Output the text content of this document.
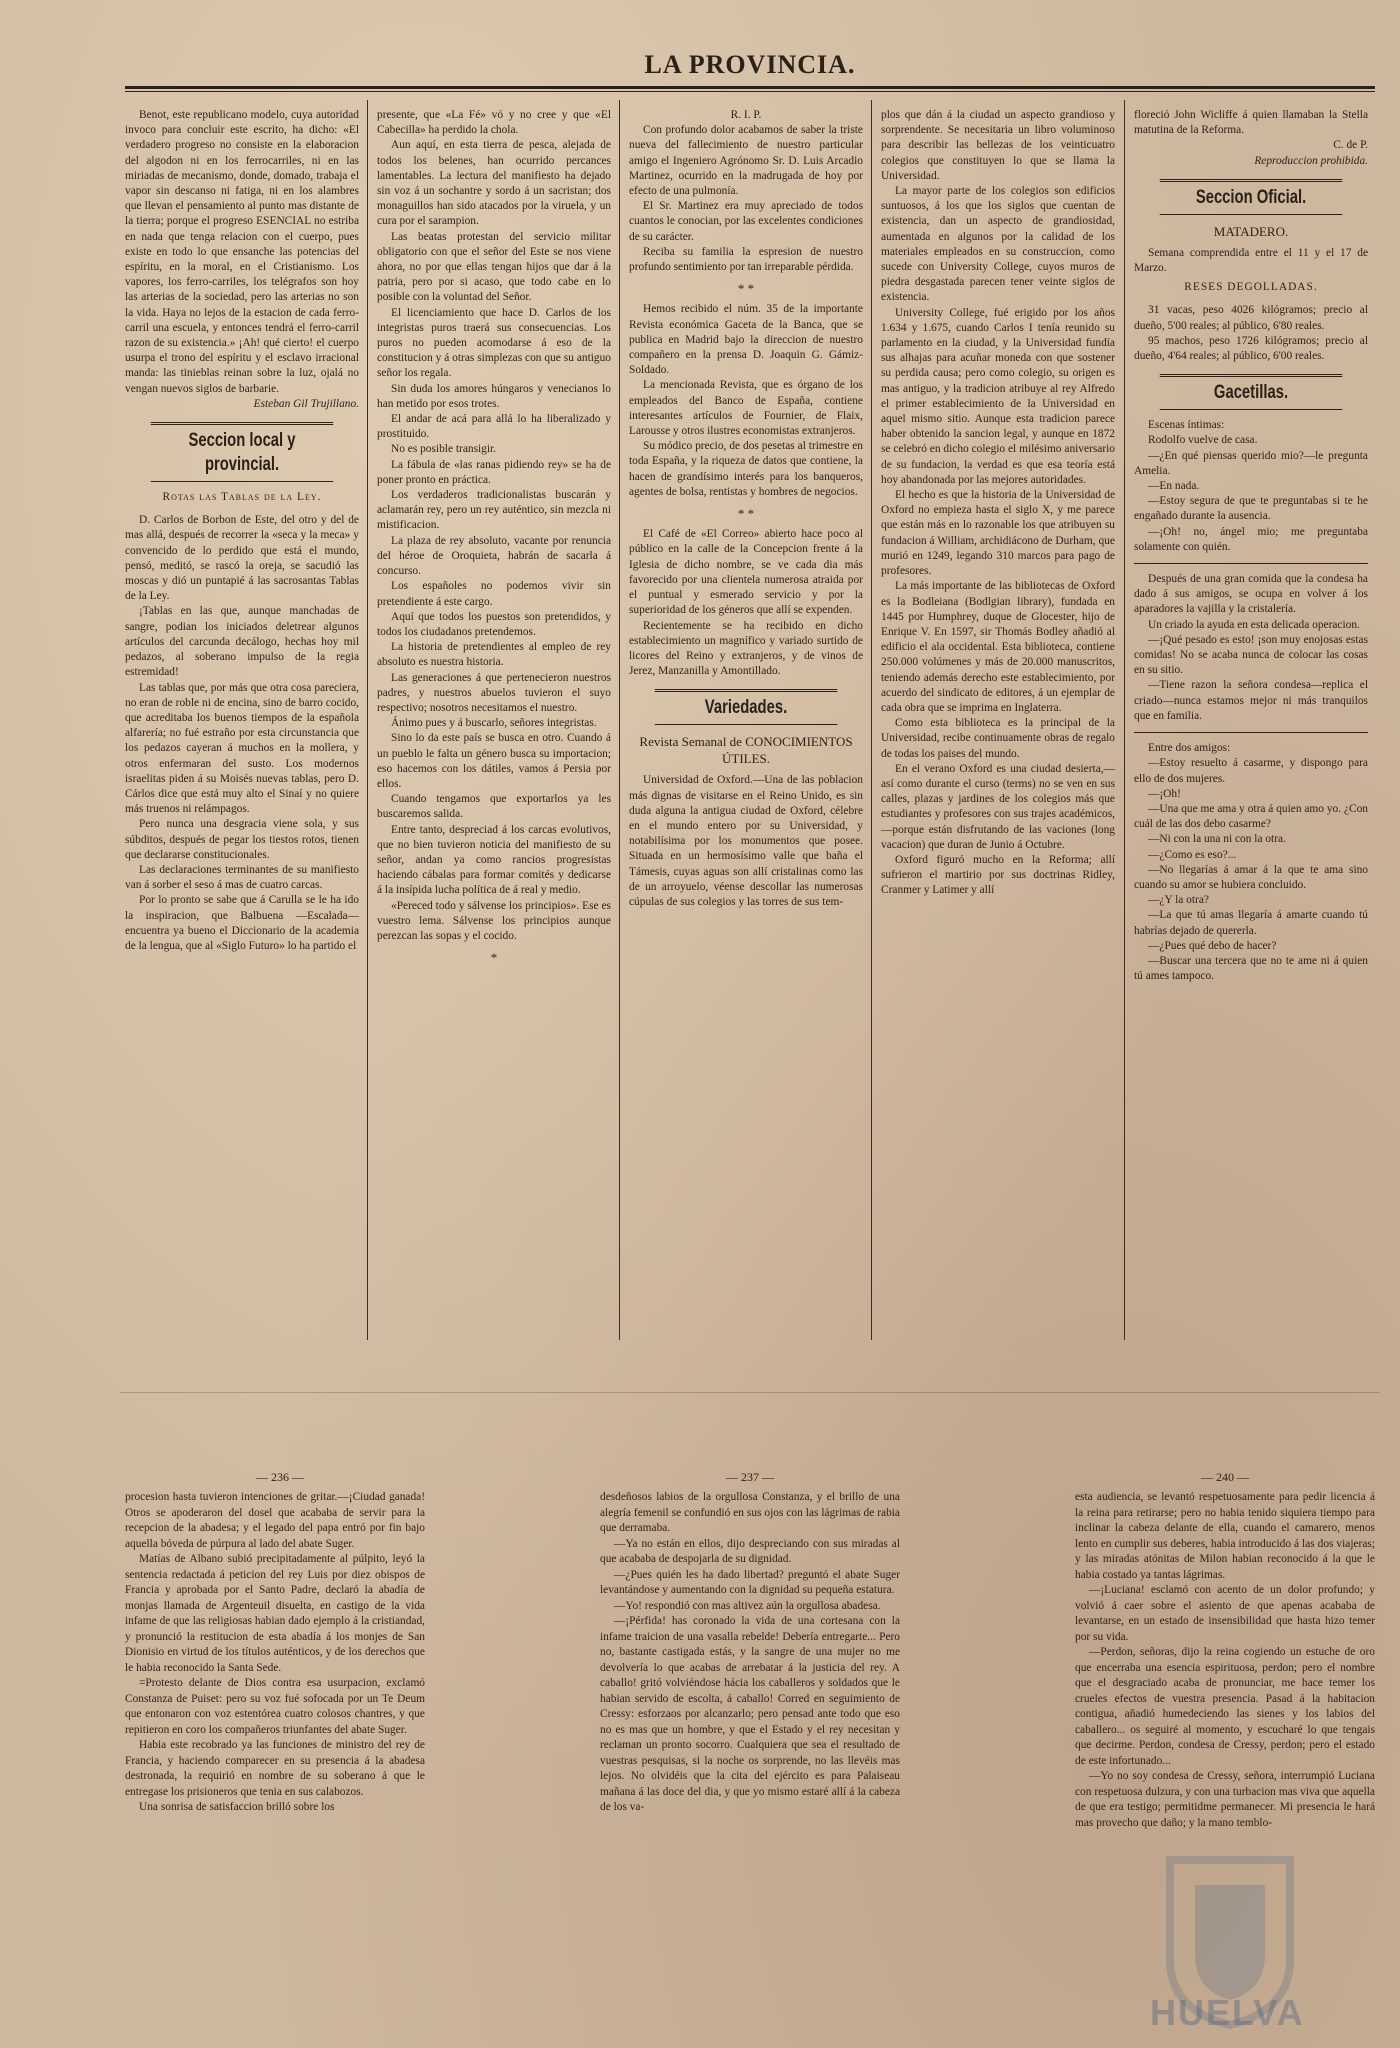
LA PROVINCIA.

Benot, este republicano modelo, cuya autoridad invoco para concluir este escrito, ha dicho: «El verdadero progreso no consiste en la elaboracion del algodon ni en los ferrocarriles, ni en las miriadas de mecanismo, donde, domado, trabaja el vapor sin descanso ni fatiga, ni en los alambres que llevan el pensamiento al punto mas distante de la tierra; porque el progreso ESENCIAL no estriba en nada que tenga relacion con el cuerpo, pues existe en todo lo que ensanche las potencias del espíritu, en la moral, en el Cristianismo. Los vapores, los ferro-carriles, los telégrafos son hoy las arterias de la sociedad, pero las arterias no son la vida. Haya no lejos de la estacion de cada ferro-carril una escuela, y entonces tendrá el ferro-carril razon de su existencia.» ¡Ah! qué cierto! el cuerpo usurpa el trono del espíritu y el esclavo irracional manda: las tinieblas reinan sobre la luz, ojalá no vengan nuevos siglos de barbarie.

Esteban Gil Trujillano.

Seccion local y provincial.

Rotas las Tablas de la Ley.

D. Carlos de Borbon de Este, del otro y del de mas allá, después de recorrer la «seca y la meca» y convencido de lo perdido que está el mundo, pensó, meditó, se rascó la oreja, se sacudió las moscas y dió un puntapié á las sacrosantas Tablas de la Ley.

¡Tablas en las que, aunque manchadas de sangre, podian los iniciados deletrear algunos artículos del carcunda decálogo, hechas hoy mil pedazos, al soberano impulso de la regia estremidad!

Las tablas que, por más que otra cosa pareciera, no eran de roble ni de encina, sino de barro cocido, que acreditaba los buenos tiempos de la española alfarería; no fué estraño por esta circunstancia que los pedazos cayeran á muchos en la mollera, y otros enfermaran del susto. Los modernos israelitas piden á su Moisés nuevas tablas, pero D. Cárlos dice que está muy alto el Sinaí y no quiere más truenos ni relámpagos.

Pero nunca una desgracia viene sola, y sus súbditos, después de pegar los tiestos rotos, tienen que declararse constitucionales.

Las declaraciones terminantes de su manifiesto van á sorber el seso á mas de cuatro carcas.

Por lo pronto se sabe que á Carulla se le ha ido la inspiracion, que Balbuena —Escalada—encuentra ya bueno el Diccionario de la academia de la lengua, que al «Siglo Futuro» lo ha partido el

presente, que «La Fé» vó y no cree y que «El Cabecilla» ha perdido la chola.

Aun aquí, en esta tierra de pesca, alejada de todos los belenes, han ocurrido percances lamentables. La lectura del manifiesto ha dejado sin voz á un sochantre y sordo á un sacristan; dos monaguillos han sido atacados por la viruela, y un cura por el sarampion.

Las beatas protestan del servicio militar obligatorio con que el señor del Este se nos viene ahora, no por que ellas tengan hijos que dar á la patria, pero por si acaso, que todo cabe en lo posible con la voluntad del Señor.

El licenciamiento que hace D. Carlos de los integristas puros traerá sus consecuencias. Los puros no pueden acomodarse á eso de la constitucion y á otras simplezas con que su antiguo señor los regala.

Sin duda los amores húngaros y venecianos lo han metido por esos trotes.

El andar de acá para allá lo ha liberalizado y prostituido.

No es posible transigir.

La fábula de «las ranas pidiendo rey» se ha de poner pronto en práctica.

Los verdaderos tradicionalistas buscarán y aclamarán rey, pero un rey auténtico, sin mezcla ni mistificacion.

La plaza de rey absoluto, vacante por renuncia del héroe de Oroquieta, habrán de sacarla á concurso.

Los españoles no podemos vivir sin pretendiente á este cargo.

Aquí que todos los puestos son pretendidos, y todos los ciudadanos pretendemos.

La historia de pretendientes al empleo de rey absoluto es nuestra historia.

Las generaciones á que pertenecieron nuestros padres, y nuestros abuelos tuvieron el suyo respectivo; nosotros necesitamos el nuestro.

Ánimo pues y á buscarlo, señores integristas.

Sino lo da este país se busca en otro. Cuando á un pueblo le falta un género busca su importacion; eso hacemos con los dátiles, vamos á Persia por ellos.

Cuando tengamos que exportarlos ya les buscaremos salida.

Entre tanto, despreciad á los carcas evolutivos, que no bien tuvieron noticia del manifiesto de su señor, andan ya como rancios progresistas haciendo cábalas para formar comités y dedicarse á la insípida lucha política de á real y medio.

«Pereced todo y sálvense los principios». Ese es vuestro lema. Sálvense los principios aunque perezcan las sopas y el cocido.

*

R. I. P.

Con profundo dolor acabamos de saber la triste nueva del fallecimiento de nuestro particular amigo el Ingeniero Agrónomo Sr. D. Luis Arcadio Martinez, ocurrido en la madrugada de hoy por efecto de una pulmonía.

El Sr. Martinez era muy apreciado de todos cuantos le conocian, por las excelentes condiciones de su carácter.

Reciba su familia la espresion de nuestro profundo sentimiento por tan irreparable pérdida.

* *

Hemos recibido el núm. 35 de la importante Revista económica Gaceta de la Banca, que se publica en Madrid bajo la direccion de nuestro compañero en la prensa D. Joaquin G. Gámiz-Soldado.

La mencionada Revista, que es órgano de los empleados del Banco de España, contiene interesantes artículos de Fournier, de Flaix, Larousse y otros ilustres economistas extranjeros.

Su módico precio, de dos pesetas al trimestre en toda España, y la riqueza de datos que contiene, la hacen de grandísimo interés para los banqueros, agentes de bolsa, rentistas y hombres de negocios.

* *

El Café de «El Correo» abierto hace poco al público en la calle de la Concepcion frente á la Iglesia de dicho nombre, se ve cada dia más favorecido por una clientela numerosa atraida por el puntual y esmerado servicio y por la superioridad de los géneros que allí se expenden.

Recientemente se ha recibido en dicho establecimiento un magnífico y variado surtido de licores del Reino y extranjeros, y de vinos de Jerez, Manzanilla y Amontillado.

Variedades.

Revista Semanal de CONOCIMIENTOS ÚTILES.

Universidad de Oxford.—Una de las poblacion más dignas de visitarse en el Reino Unido, es sin duda alguna la antigua ciudad de Oxford, célebre en el mundo entero por su Universidad, y notabilísima por los monumentos que posee. Situada en un hermosísimo valle que baña el Támesis, cuyas aguas son allí cristalinas como las de un arroyuelo, véense descollar las numerosas cúpulas de sus colegios y las torres de sus tem-

plos que dán á la ciudad un aspecto grandioso y sorprendente. Se necesitaria un libro voluminoso para describir las bellezas de los veinticuatro colegios que constituyen lo que se llama la Universidad.

La mayor parte de los colegios son edificios suntuosos, á los que los siglos que cuentan de existencia, dan un aspecto de grandiosidad, aumentada en algunos por la calidad de los materiales empleados en su construccion, como sucede con University College, cuyos muros de piedra desgastada parecen tener veinte siglos de existencia.

University College, fué erigido por los años 1.634 y 1.675, cuando Carlos I tenía reunido su parlamento en la ciudad, y la Universidad fundía sus alhajas para acuñar moneda con que sostener su perdida causa; pero como colegio, su origen es mas antiguo, y la tradicion atribuye al rey Alfredo el primer establecimiento de la Universidad en aquel mismo sitio. Aunque esta tradicion parece haber obtenido la sancion legal, y aunque en 1872 se celebró en dicho colegio el milésimo aniversario de su fundacion, la verdad es que esa teoría está hoy abandonada por las mejores autoridades.

El hecho es que la historia de la Universidad de Oxford no empieza hasta el siglo X, y me parece que están más en lo razonable los que atribuyen su fundacion á William, archidiácono de Durham, que murió en 1249, legando 310 marcos para pago de profesores.

La más importante de las bibliotecas de Oxford es la Bodleiana (Bodlgian library), fundada en 1445 por Humphrey, duque de Glocester, hijo de Enrique V. En 1597, sir Thomás Bodley añadió al edificio el ala occidental. Esta biblioteca, contiene 250.000 volúmenes y más de 20.000 manuscritos, teniendo además derecho este establecimiento, por acuerdo del sindicato de editores, á un ejemplar de cada obra que se imprima en Inglaterra.

Como esta biblioteca es la principal de la Universidad, recibe continuamente obras de regalo de todas los paises del mundo.

En el verano Oxford es una ciudad desierta,—así como durante el curso (terms) no se ven en sus calles, plazas y jardines de los colegios más que estudiantes y profesores con sus trajes académicos,—porque están disfrutando de las vaciones (long vacacion) que duran de Junio á Octubre.

Oxford figuró mucho en la Reforma; allí sufrieron el martirio por sus doctrinas Ridley, Cranmer y Latimer y allí

floreció John Wicliffe á quien llamaban la Stella matutina de la Reforma.

C. de P.

Reproduccion prohibida.

Seccion Oficial.

MATADERO.

Semana comprendida entre el 11 y el 17 de Marzo.

RESES DEGOLLADAS.

31 vacas, peso 4026 kilógramos; precio al dueño, 5'00 reales; al público, 6'80 reales.

95 machos, peso 1726 kilógramos; precio al dueño, 4'64 reales; al público, 6'00 reales.

Gacetillas.

Escenas íntimas:

Rodolfo vuelve de casa.

—¿En qué piensas querido mio?—le pregunta Amelia.

—En nada.

—Estoy segura de que te preguntabas si te he engañado durante la ausencia.

—¡Oh! no, ángel mio; me preguntaba solamente con quién.

Después de una gran comida que la condesa ha dado á sus amigos, se ocupa en volver á los aparadores la vajilla y la cristalería.

Un criado la ayuda en esta delicada operacion.

—¡Qué pesado es esto! ¡son muy enojosas estas comidas! No se acaba nunca de colocar las cosas en su sitio.

—Tiene razon la señora condesa—replica el criado—nunca estamos mejor ni más tranquilos que en familia.

Entre dos amigos:

—Estoy resuelto á casarme, y dispongo para ello de dos mujeres.

—¡Oh!

—Una que me ama y otra á quien amo yo. ¿Con cuál de las dos debo casarme?

—Ni con la una ni con la otra.

—¿Como es eso?...

—No llegarías á amar á la que te ama sino cuando su amor se hubiera concluido.

—¿Y la otra?

—La que tú amas llegaría á amarte cuando tú habrías dejado de quererla.

—¿Pues qué debo de hacer?

—Buscar una tercera que no te ame ni á quien tú ames tampoco.

— 236 —	— 237 —	— 240 —

procesion hasta tuvieron intenciones de gritar.—¡Ciudad ganada! Otros se apoderaron del dosel que acababa de servir para la recepcion de la abadesa; y el legado del papa entró por fin bajo aquella bóveda de púrpura al lado del abate Suger.

Matías de Albano subió precipitadamente al púlpito, leyó la sentencia redactada á peticion del rey Luis por diez obispos de Francia y aprobada por el Santo Padre, declaró la abadía de monjas llamada de Argenteuil disuelta, en castigo de la vida infame de que las religiosas habian dado ejemplo á la cristiandad, y pronunció la restitucion de esta abadía á los monjes de San Dionisio en virtud de los títulos auténticos, y de los derechos que le habia reconocido la Santa Sede.

=Protesto delante de Dios contra esa usurpacion, exclamó Constanza de Puiset: pero su voz fué sofocada por un Te Deum que entonaron con voz estentórea cuatro colosos chantres, y que repitieron en coro los compañeros triunfantes del abate Suger.

Habia este recobrado ya las funciones de ministro del rey de Francia, y haciendo comparecer en su presencia á la abadesa destronada, la requirió en nombre de su soberano á que le entregase los prisioneros que tenia en sus calabozos.

Una sonrisa de satisfaccion brilló sobre los

desdeñosos labios de la orgullosa Constanza, y el brillo de una alegría femenil se confundió en sus ojos con las lágrimas de rabia que derramaba.

—Ya no están en ellos, dijo despreciando con sus miradas al que acababa de despojarla de su dignidad.

—¿Pues quién les ha dado libertad? preguntó el abate Suger levantándose y aumentando con la dignidad su pequeña estatura.

—Yo! respondió con mas altivez aún la orgullosa abadesa.

—¡Pérfida! has coronado la vida de una cortesana con la infame traicion de una vasalla rebelde! Debería entregarte... Pero no, bastante castigada estás, y la sangre de una mujer no me devolvería lo que acabas de arrebatar á la justicia del rey. A caballo! gritó volviéndose hácia los caballeros y soldados que le habian servido de escolta, á caballo! Corred en seguimiento de Cressy: esforzaos por alcanzarlo; pero pensad ante todo que eso no es mas que un hombre, y que el Estado y el rey necesitan y reclaman un pronto socorro. Cualquiera que sea el resultado de vuestras pesquisas, si la noche os sorprende, no las llevéis mas lejos. No olvidéis que la cita del ejército es para Palaiseau mañana á las doce del dia, y que yo mismo estaré allí á la cabeza de los va-

esta audiencia, se levantó respetuosamente para pedir licencia á la reina para retirarse; pero no habia tenido siquiera tiempo para inclinar la cabeza delante de ella, cuando el camarero, menos lento en cumplir sus deberes, habia introducido á las dos viajeras; y las miradas atónitas de Milon habian reconocido á la que le habia costado ya tantas lágrimas.

—¡Luciana! esclamó con acento de un dolor profundo; y volvió á caer sobre el asiento de que apenas acababa de levantarse, en un estado de insensibilidad que hasta hizo temer por su vida.

—Perdon, señoras, dijo la reina cogiendo un estuche de oro que encerraba una esencia espirituosa, perdon; pero el nombre que el desgraciado acaba de pronunciar, me hace temer los crueles efectos de vuestra presencia. Pasad á la habitacion contigua, añadió humedeciendo las sienes y los labios del caballero... os seguiré al momento, y escucharé lo que tengais que decirme. Perdon, condesa de Cressy, perdon; pero el estado de este infortunado...

—Yo no soy condesa de Cressy, señora, interrumpió Luciana con respetuosa dulzura, y con una turbacion mas viva que aquella de que era testigo; permitidme permanecer. Mi presencia le hará mas provecho que daño; y la mano temblo-

HUELVA
